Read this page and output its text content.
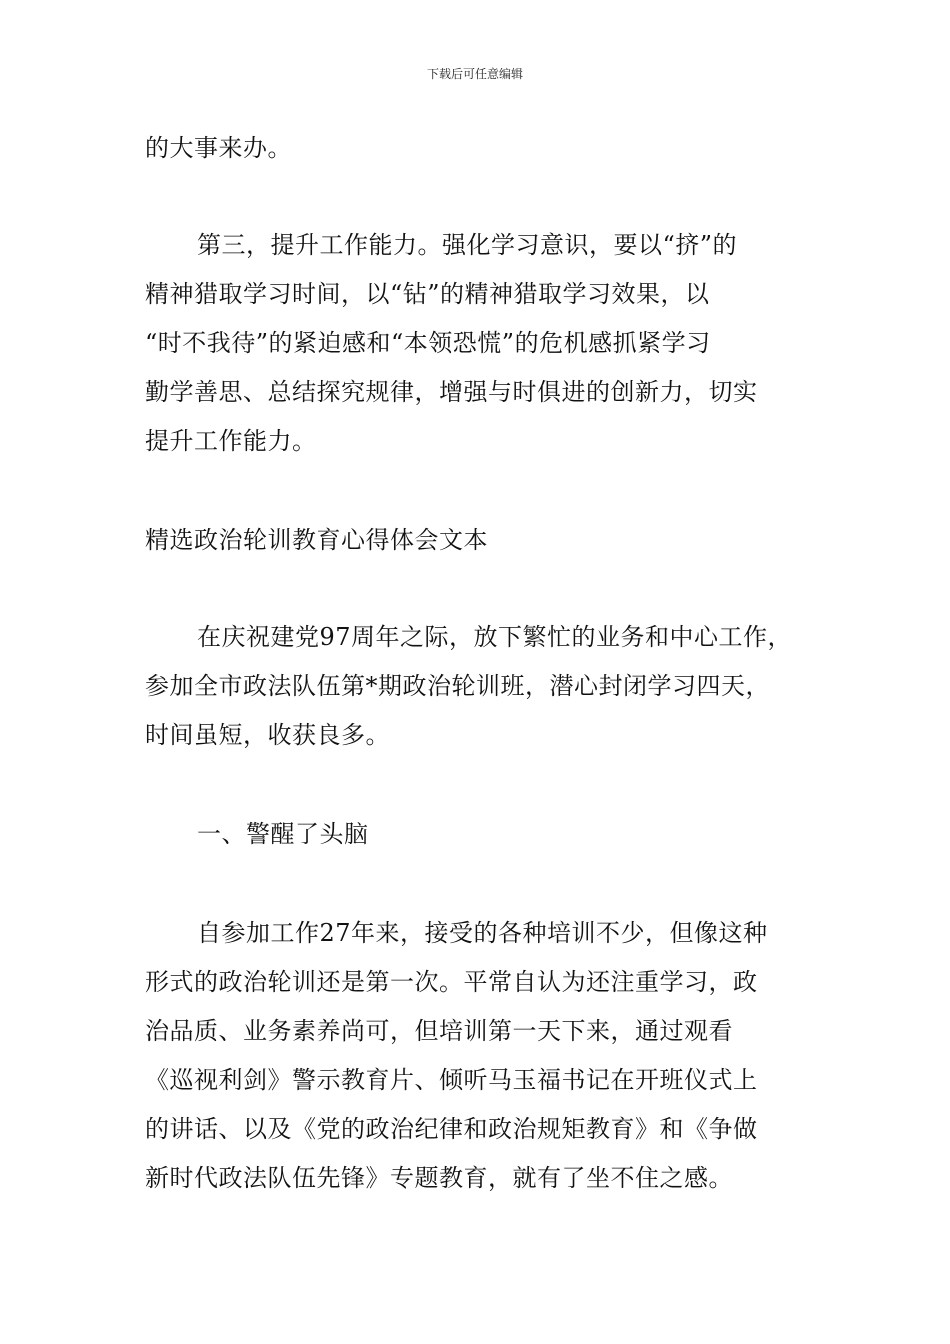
下载后可任意编辑
的大事来办。
第三，提升工作能力。强化学习意识，要以“挤”的
精神猎取学习时间，以“钻”的精神猎取学习效果，以
“时不我待”的紧迫感和“本领恐慌”的危机感抓紧学习
勤学善思、总结探究规律，增强与时俱进的创新力，切实
提升工作能力。
精选政治轮训教育心得体会文本
在庆祝建党97周年之际，放下繁忙的业务和中心工作，
参加全市政法队伍第*期政治轮训班，潜心封闭学习四天，
时间虽短，收获良多。
一、警醒了头脑
自参加工作27年来，接受的各种培训不少，但像这种
形式的政治轮训还是第一次。平常自认为还注重学习，政
治品质、业务素养尚可，但培训第一天下来，通过观看
《巡视利剑》警示教育片、倾听马玉福书记在开班仪式上
的讲话、以及《党的政治纪律和政治规矩教育》和《争做
新时代政法队伍先锋》专题教育，就有了坐不住之感。
